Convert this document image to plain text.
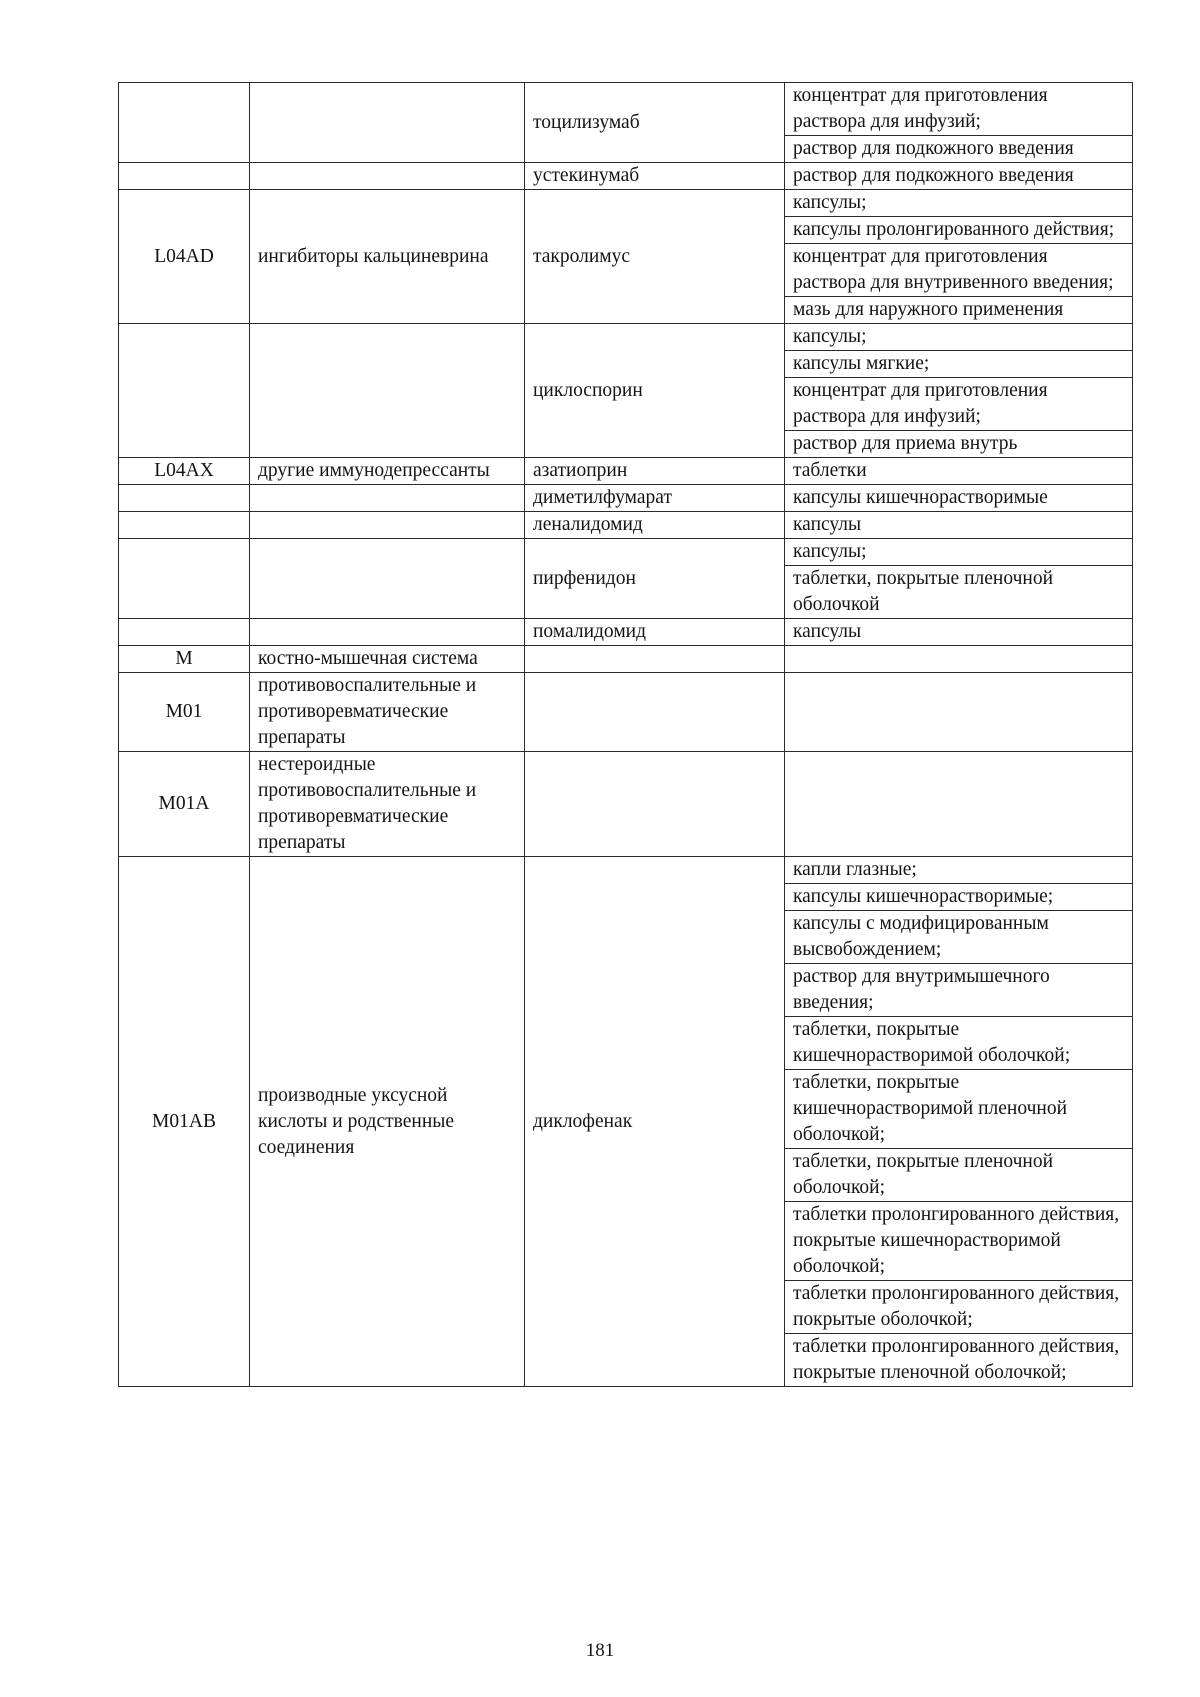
		тоцилизумаб	концентрат для приготовления раствора для инфузий;

			раствор для подкожного введения

		устекинумаб	раствор для подкожного введения

L04AD	ингибиторы кальциневрина	такролимус	капсулы;

			капсулы пролонгированного действия;

			концентрат для приготовления раствора для внутривенного введения;

			мазь для наружного применения

		циклоспорин	капсулы;

			капсулы мягкие;

			концентрат для приготовления раствора для инфузий;

			раствор для приема внутрь

L04AX	другие иммунодепрессанты	азатиоприн	таблетки

		диметилфумарат	капсулы кишечнорастворимые

		леналидомид	капсулы

		пирфенидон	капсулы;

			таблетки, покрытые пленочной оболочкой

		помалидомид	капсулы

M	костно-мышечная система		

M01	противовоспалительные и противоревматические препараты		

M01A	нестероидные противовоспалительные и противоревматические препараты		

M01AB	производные уксусной кислоты и родственные соединения	диклофенак	капли глазные;

			капсулы кишечнорастворимые;

			капсулы с модифицированным высвобождением;

			раствор для внутримышечного введения;

			таблетки, покрытые кишечнорастворимой оболочкой;

			таблетки, покрытые кишечнорастворимой пленочной оболочкой;

			таблетки, покрытые пленочной оболочкой;

			таблетки пролонгированного действия, покрытые кишечнорастворимой оболочкой;

			таблетки пролонгированного действия, покрытые оболочкой;

			таблетки пролонгированного действия, покрытые пленочной оболочкой;
181
